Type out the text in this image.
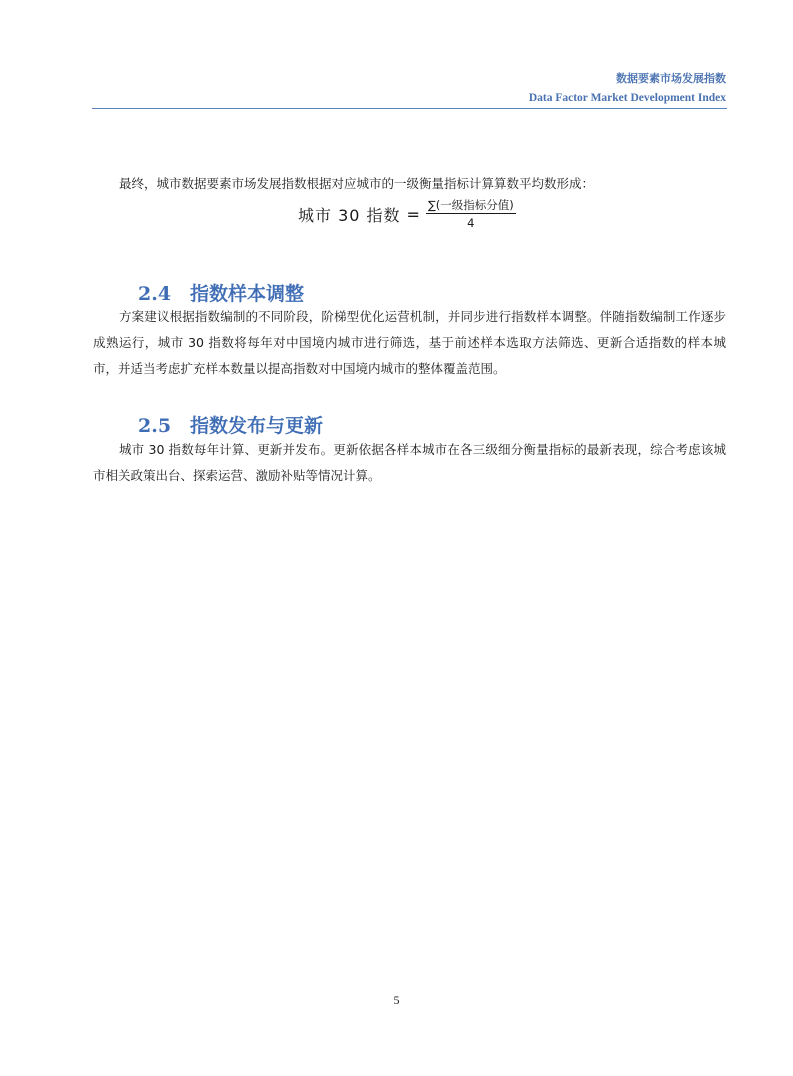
数据要素市场发展指数
Data Factor Market Development Index

最终，城市数据要素市场发展指数根据对应城市的一级衡量指标计算算数平均数形成：

城市 30 指数 = $\frac{\text{∑(一级指标分值)}}{4}$
2.4 指数样本调整

方案建议根据指数编制的不同阶段，阶梯型优化运营机制，并同步进行指数样本调整。伴随指数编制工作逐步成熟运行，城市 30 指数将每年对中国境内城市进行筛选，基于前述样本选取方法筛选、更新合适指数的样本城市，并适当考虑扩充样本数量以提高指数对中国境内城市的整体覆盖范围。

2.5 指数发布与更新

城市 30 指数每年计算、更新并发布。更新依据各样本城市在各三级细分衡量指标的最新表现，综合考虑该城市相关政策出台、探索运营、激励补贴等情况计算。

5
